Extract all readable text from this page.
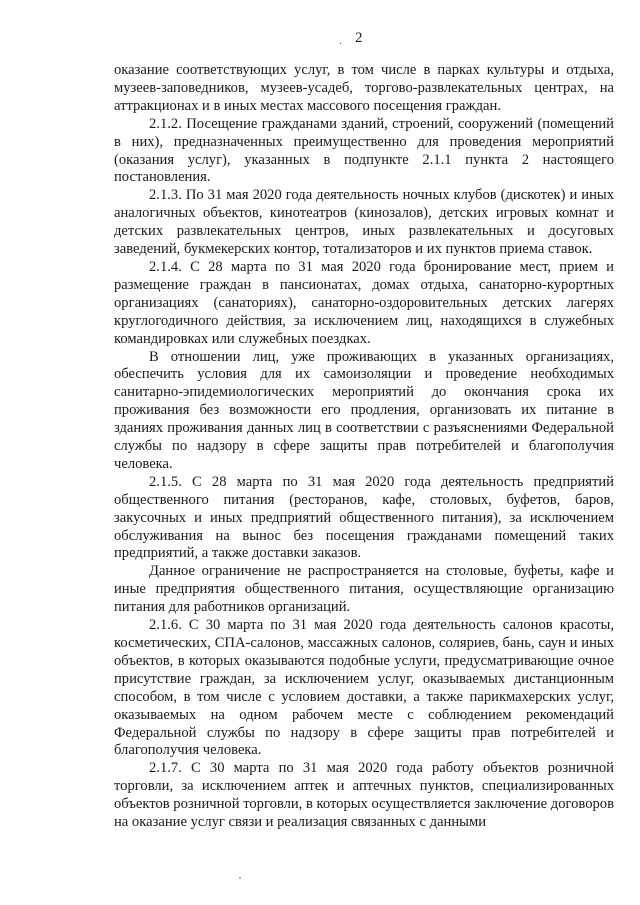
. 2

оказание соответствующих услуг, в том числе в парках культуры и отдыха, музеев-заповедников, музеев-усадеб, торгово-развлекательных центрах, на аттракционах и в иных местах массового посещения граждан.

2.1.2. Посещение гражданами зданий, строений, сооружений (помещений в них), предназначенных преимущественно для проведения мероприятий (оказания услуг), указанных в подпункте 2.1.1 пункта 2 настоящего постановления.

2.1.3. По 31 мая 2020 года деятельность ночных клубов (дискотек) и иных аналогичных объектов, кинотеатров (кинозалов), детских игровых комнат и детских развлекательных центров, иных развлекательных и досуговых заведений, букмекерских контор, тотализаторов и их пунктов приема ставок.

2.1.4. С 28 марта по 31 мая 2020 года бронирование мест, прием и размещение граждан в пансионатах, домах отдыха, санаторно-курортных организациях (санаториях), санаторно-оздоровительных детских лагерях круглогодичного действия, за исключением лиц, находящихся в служебных командировках или служебных поездках.

В отношении лиц, уже проживающих в указанных организациях, обеспечить условия для их самоизоляции и проведение необходимых санитарно-эпидемиологических мероприятий до окончания срока их проживания без возможности его продления, организовать их питание в зданиях проживания данных лиц в соответствии с разъяснениями Федеральной службы по надзору в сфере защиты прав потребителей и благополучия человека.

2.1.5. С 28 марта по 31 мая 2020 года деятельность предприятий общественного питания (ресторанов, кафе, столовых, буфетов, баров, закусочных и иных предприятий общественного питания), за исключением обслуживания на вынос без посещения гражданами помещений таких предприятий, а также доставки заказов.

Данное ограничение не распространяется на столовые, буфеты, кафе и иные предприятия общественного питания, осуществляющие организацию питания для работников организаций.

2.1.6. С 30 марта по 31 мая 2020 года деятельность салонов красоты, косметических, СПА-салонов, массажных салонов, соляриев, бань, саун и иных объектов, в которых оказываются подобные услуги, предусматривающие очное присутствие граждан, за исключением услуг, оказываемых дистанционным способом, в том числе с условием доставки, а также парикмахерских услуг, оказываемых на одном рабочем месте с соблюдением рекомендаций Федеральной службы по надзору в сфере защиты прав потребителей и благополучия человека.

2.1.7. С 30 марта по 31 мая 2020 года работу объектов розничной торговли, за исключением аптек и аптечных пунктов, специализированных объектов розничной торговли, в которых осуществляется заключение договоров на оказание услуг связи и реализация связанных с данными
